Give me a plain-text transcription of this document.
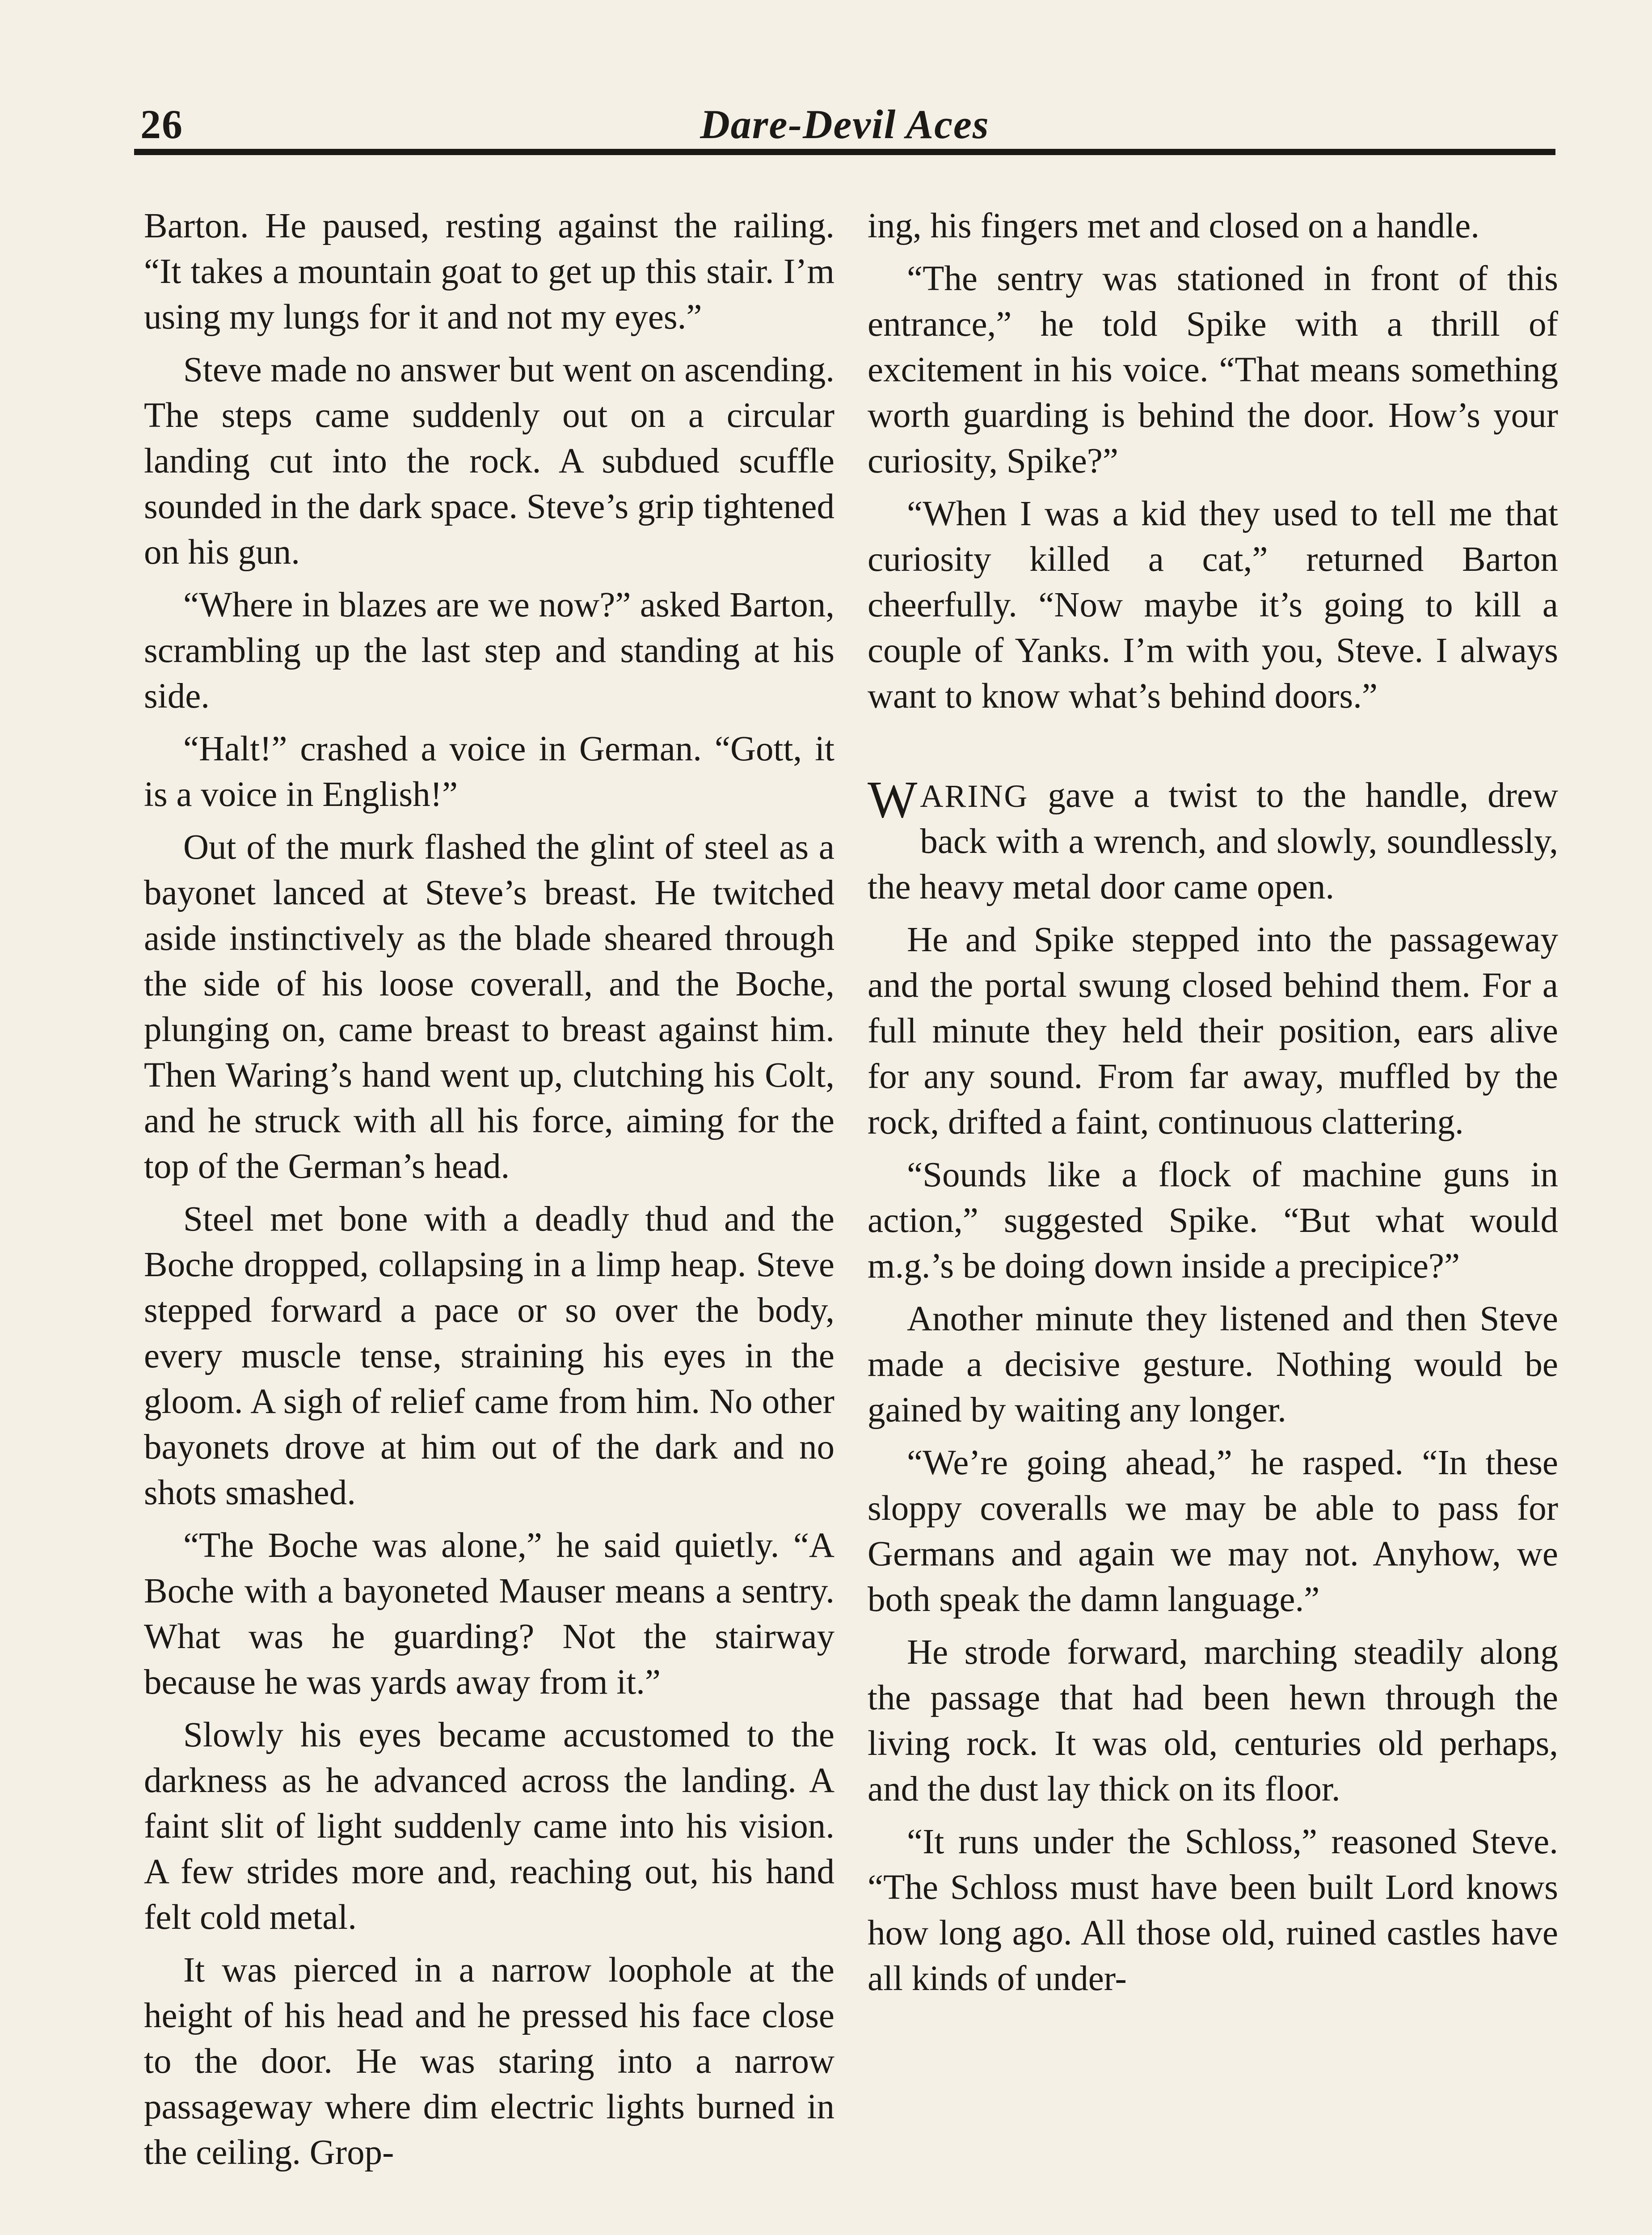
26	Dare-Devil Aces

Barton. He paused, resting against the railing. “It takes a mountain goat to get up this stair. I’m using my lungs for it and not my eyes.”

Steve made no answer but went on ascending. The steps came suddenly out on a circular landing cut into the rock. A subdued scuffle sounded in the dark space. Steve’s grip tightened on his gun.

“Where in blazes are we now?” asked Barton, scrambling up the last step and standing at his side.

“Halt!” crashed a voice in German. “Gott, it is a voice in English!”

Out of the murk flashed the glint of steel as a bayonet lanced at Steve’s breast. He twitched aside instinctively as the blade sheared through the side of his loose coverall, and the Boche, plunging on, came breast to breast against him. Then Waring’s hand went up, clutching his Colt, and he struck with all his force, aiming for the top of the German’s head.

Steel met bone with a deadly thud and the Boche dropped, collapsing in a limp heap. Steve stepped forward a pace or so over the body, every muscle tense, straining his eyes in the gloom. A sigh of relief came from him. No other bayonets drove at him out of the dark and no shots smashed.

“The Boche was alone,” he said quietly. “A Boche with a bayoneted Mauser means a sentry. What was he guarding? Not the stairway because he was yards away from it.”

Slowly his eyes became accustomed to the darkness as he advanced across the landing. A faint slit of light suddenly came into his vision. A few strides more and, reaching out, his hand felt cold metal.

It was pierced in a narrow loophole at the height of his head and he pressed his face close to the door. He was staring into a narrow passageway where dim electric lights burned in the ceiling. Grop-

ing, his fingers met and closed on a handle.

“The sentry was stationed in front of this entrance,” he told Spike with a thrill of excitement in his voice. “That means something worth guarding is behind the door. How’s your curiosity, Spike?”

“When I was a kid they used to tell me that curiosity killed a cat,” returned Barton cheerfully. “Now maybe it’s going to kill a couple of Yanks. I’m with you, Steve. I always want to know what’s behind doors.”

WARING gave a twist to the handle, drew back with a wrench, and slowly, soundlessly, the heavy metal door came open.

He and Spike stepped into the passageway and the portal swung closed behind them. For a full minute they held their position, ears alive for any sound. From far away, muffled by the rock, drifted a faint, continuous clattering.

“Sounds like a flock of machine guns in action,” suggested Spike. “But what would m.g.’s be doing down inside a precipice?”

Another minute they listened and then Steve made a decisive gesture. Nothing would be gained by waiting any longer.

“We’re going ahead,” he rasped. “In these sloppy coveralls we may be able to pass for Germans and again we may not. Anyhow, we both speak the damn language.”

He strode forward, marching steadily along the passage that had been hewn through the living rock. It was old, centuries old perhaps, and the dust lay thick on its floor.

“It runs under the Schloss,” reasoned Steve. “The Schloss must have been built Lord knows how long ago. All those old, ruined castles have all kinds of under-
